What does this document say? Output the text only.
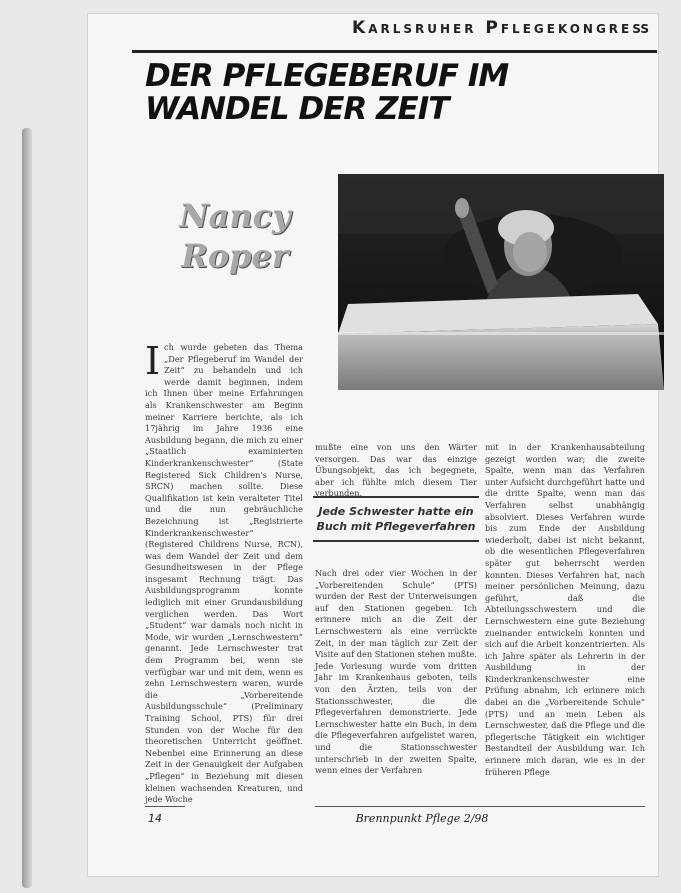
Karlsruher Pflegekongreß
DER PFLEGEBERUF IM WANDEL DER ZEIT
Nancy
Roper
I ch wurde gebeten das Thema „Der Pflegeberuf im Wandel der Zeit“ zu behandeln und ich werde damit beginnen, indem ich Ihnen über meine Erfahrungen als Krankenschwester am Beginn meiner Karriere berichte, als ich 17jährig im Jahre 1936 eine Ausbildung begann, die mich zu einer „Staatlich examinierten Kinderkrankenschwester“ (State Registered Sick Children's Nurse, SRCN) machen sollte. Diese Qualifikation ist kein veralteter Titel und die nun gebräuchliche Bezeichnung ist „Registrierte Kinderkrankenschwester“ (Registered Childrens Nurse, RCN), was dem Wandel der Zeit und dem Gesundheitswesen in der Pflege insgesamt Rechnung trägt. Das Ausbildungsprogramm konnte lediglich mit einer Grundausbildung verglichen werden. Das Wort „Student“ war damals noch nicht in Mode, wir wurden „Lernschwestern“ genannt. Jede Lernschwester trat dem Programm bei, wenn sie verfügbar war und mit dem, wenn es zehn Lernschwestern waren, wurde die „Vorbereitende Ausbildungsschule“ (Preliminary Training School, PTS) für drei Stunden von der Woche für den theoretischen Unterricht geöffnet. Nebenbei eine Erinnerung an diese Zeit in der Genauigkeit der Aufgaben „Pflegen“ in Beziehung mit diesen kleinen wachsenden Kreaturen, und jede Woche
mußte eine von uns den Wärter versorgen. Das war das einzige Übungsobjekt, das ich begegnete, aber ich fühlte mich diesem Tier verbunden.
Jede Schwester hatte ein Buch mit Pflegeverfahren
Nach drei oder vier Wochen in der „Vorbereitenden Schule“ (PTS) wurden der Rest der Unterweisungen auf den Stationen gegeben. Ich erinnere mich an die Zeit der Lernschwestern als eine verrückte Zeit, in der man täglich zur Zeit der Visite auf den Stationen stehen mußte. Jede Vorlesung wurde vom dritten Jahr im Krankenhaus geboten, teils von den Ärzten, teils von der Stationsschwester, die die Pflegeverfahren demonstrierte. Jede Lernschwester hatte ein Buch, in dem die Pflegeverfahren aufgelistet waren, und die Stationsschwester unterschrieb in der zweiten Spalte, wenn eines der Verfahren
mit in der Krankenhausabteilung gezeigt worden war; die zweite Spalte, wenn man das Verfahren unter Aufsicht durchgeführt hatte und die dritte Spalte, wenn man das Verfahren selbst unabhängig absolviert. Dieses Verfahren wurde bis zum Ende der Ausbildung wiederholt, dabei ist nicht bekannt, ob die wesentlichen Pflegeverfahren später gut beherrscht werden konnten. Dieses Verfahren hat, nach meiner persönlichen Meinung, dazu geführt, daß die Abteilungsschwestern und die Lernschwestern eine gute Beziehung zueinander entwickeln konnten und sich auf die Arbeit konzentrierten. Als ich Jahre später als Lehrerin in der Ausbildung in der Kinderkrankenschwester eine Prüfung abnahm, ich erinnere mich dabei an die „Vorbereitende Schule“ (PTS) und an mein Leben als Lernschwester, daß die Pflege und die pflegerische Tätigkeit ein wichtiger Bestandteil der Ausbildung war. Ich erinnere mich daran, wie es in der früheren Pflege
14	Brennpunkt Pflege 2/98
